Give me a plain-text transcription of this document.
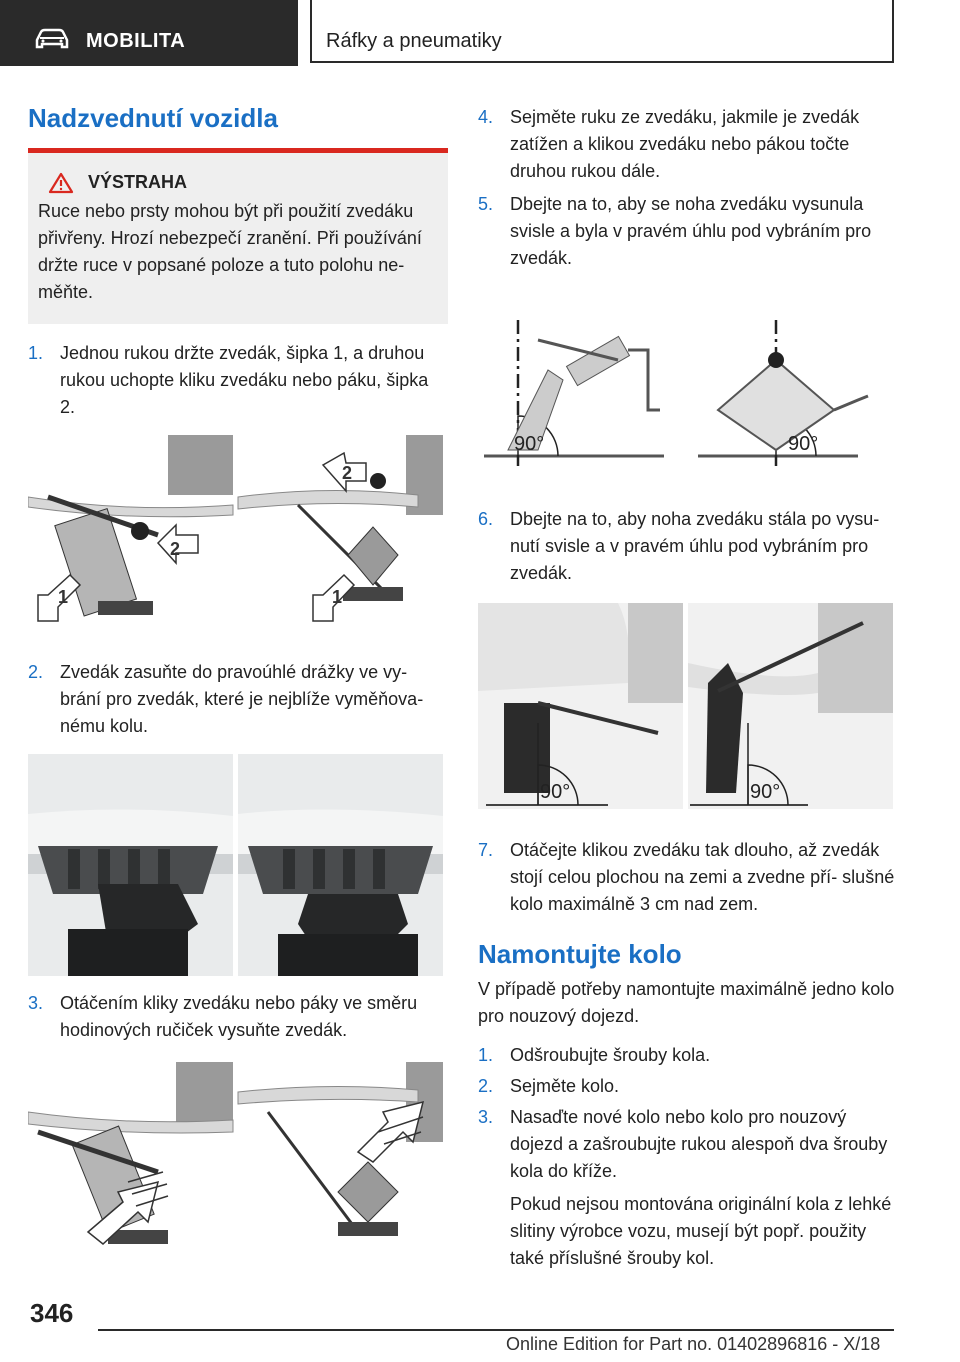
MOBILITA	Ráfky a pneumatiky
Nadzvednutí vozidla
VÝSTRAHA
Ruce nebo prsty mohou být při použití zvedáku přivřeny. Hrozí nebezpečí zranění. Při používání držte ruce v popsané poloze a tuto polohu ne- měňte.
1. Jednou rukou držte zvedák, šipka 1, a druhou rukou uchopte kliku zvedáku nebo páku, šipka 2.
2
1
2
1
2. Zvedák zasuňte do pravoúhlé drážky ve vy- brání pro zvedák, které je nejblíže vyměňova- nému kolu.
3. Otáčením kliky zvedáku nebo páky ve směru hodinových ručiček vysuňte zvedák.
4. Sejměte ruku ze zvedáku, jakmile je zvedák zatížen a klikou zvedáku nebo pákou točte druhou rukou dále.
5. Dbejte na to, aby se noha zvedáku vysunula svisle a byla v pravém úhlu pod vybráním pro zvedák.
90°	90°
6. Dbejte na to, aby noha zvedáku stála po vysu- nutí svisle a v pravém úhlu pod vybráním pro zvedák.
90°	90°
7. Otáčejte klikou zvedáku tak dlouho, až zvedák stojí celou plochou na zemi a zvedne pří- slušné kolo maximálně 3 cm nad zem.
Namontujte kolo
V případě potřeby namontujte maximálně jedno kolo pro nouzový dojezd.
1. Odšroubujte šrouby kola.
2. Sejměte kolo.
3. Nasaďte nové kolo nebo kolo pro nouzový dojezd a zašroubujte rukou alespoň dva šrouby kola do kříže.
Pokud nejsou montována originální kola z lehké slitiny výrobce vozu, musejí být popř. použity také příslušné šrouby kol.
346
Online Edition for Part no. 01402896816 - X/18
